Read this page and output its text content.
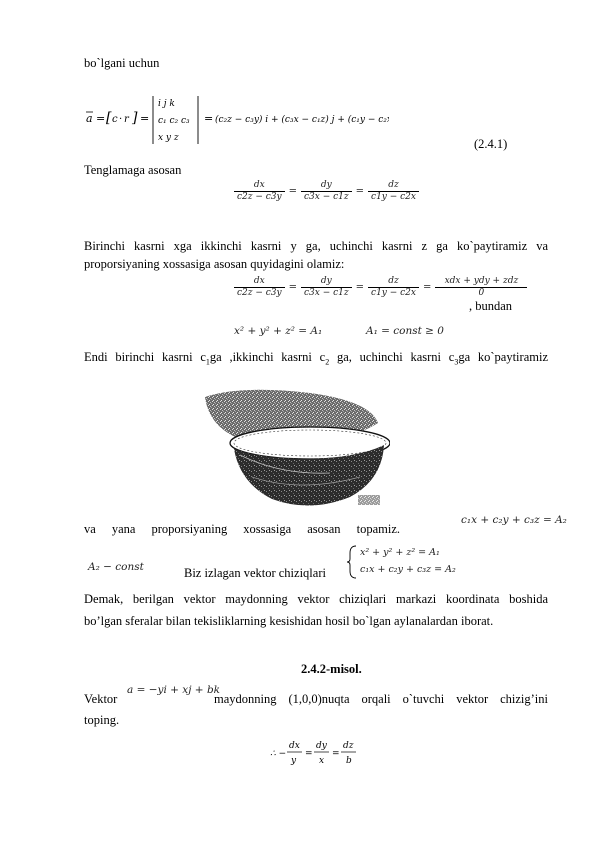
bo`lgani uchun
a = [ c · r ] =
i j k
c₁ c₂ c₃
x y z
= (c₂z − c₃y) i + (c₃x − c₁z) j + (c₁y − c₂x) k
(2.4.1)
Tenglamaga asosan
$\frac{dx}{c2z - c3y} = \frac{dy}{c3x - c1z} = \frac{dz}{c1y - c2x}$
Birinchi kasrni xga ikkinchi kasrni y ga, uchinchi kasrni z ga ko`paytiramiz va
proporsiyaning xossasiga asosan quyidagini olamiz:
$\frac{dx}{c2z - c3y} = \frac{dy}{c3x - c1z} = \frac{dz}{c1y - c2x} = \frac{\text{xdx + ydy + zdz}}{0}$
, bundan
x² + y² + z² = A₁	A₁ = const ≥ 0
Endi birinchi kasrni $c_1ga$ ,ikkinchi kasrni $c_2$ ga, uchinchi kasrni $c_3ga$ ko`paytiramiz
,
va yana proporsiyaning xossasiga asosan topamiz.
c₁x + c₂y + c₃z = A₂
A₂ − const	Biz izlagan vektor chiziqlari
x² + y² + z² = A₁
c₁x + c₂y + c₃z = A₂
Demak, berilgan vektor maydonning vektor chiziqlari markazi koordinata boshida
bo’lgan sferalar bilan tekisliklarning kesishidan hosil bo`lgan aylanalardan iborat.
2.4.2-misol.
Vektor
a = −yi + xj + bk
maydonning (1,0,0)nuqta orqali o`tuvchi vektor chizig’ini
toping.
∴ −
dx
y
=
dy
x
=
dz
b
